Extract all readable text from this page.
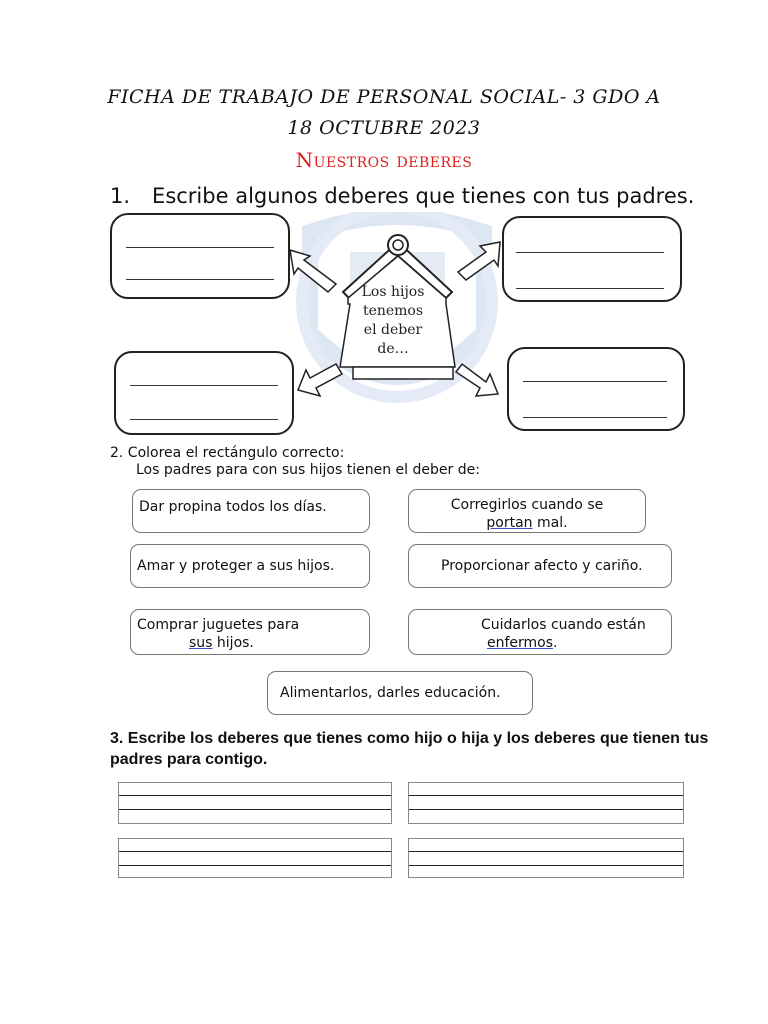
FICHA DE TRABAJO DE PERSONAL SOCIAL- 3 GDO A
18 OCTUBRE 2023
Nuestros deberes
1. Escribe algunos deberes que tienes con tus padres.
Los hijos
tenemos
el deber
de…
2. Colorea el rectángulo correcto:
Los padres para con sus hijos tienen el deber de:
Dar propina todos los días.	Corregirlos cuando se
portan mal.
Amar y proteger a sus hijos.	Proporcionar afecto y cariño.
Comprar juguetes para
sus hijos.
Cuidarlos cuando están
enfermos.
Alimentarlos, darles educación.
3. Escribe los deberes que tienes como hijo o hija y los deberes que tienen tus padres para contigo.
